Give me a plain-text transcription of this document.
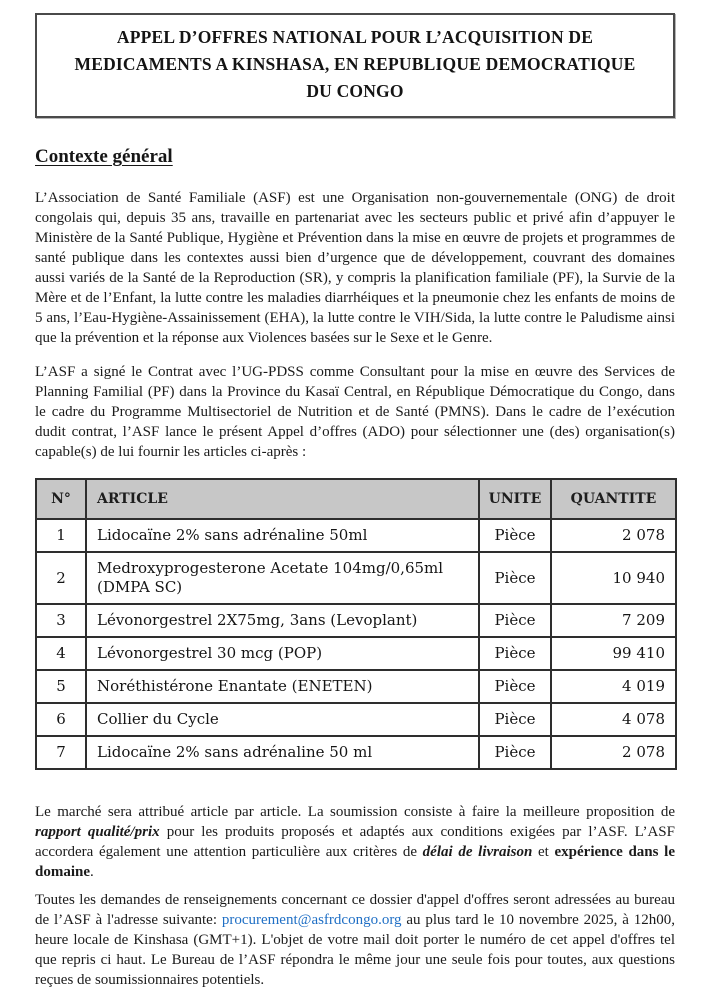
APPEL D’OFFRES NATIONAL POUR L’ACQUISITION DE
MEDICAMENTS A KINSHASA, EN REPUBLIQUE DEMOCRATIQUE
DU CONGO
Contexte général

L’Association de Santé Familiale (ASF) est une Organisation non-gouvernementale (ONG) de droit congolais qui, depuis 35 ans, travaille en partenariat avec les secteurs public et privé afin d’appuyer le Ministère de la Santé Publique, Hygiène et Prévention dans la mise en œuvre de projets et programmes de santé publique dans les contextes aussi bien d’urgence que de développement, couvrant des domaines aussi variés de la Santé de la Reproduction (SR), y compris la planification familiale (PF), la Survie de la Mère et de l’Enfant, la lutte contre les maladies diarrhéiques et la pneumonie chez les enfants de moins de 5 ans, l’Eau-Hygiène-Assainissement (EHA), la lutte contre le VIH/Sida, la lutte contre le Paludisme ainsi que la prévention et la réponse aux Violences basées sur le Sexe et le Genre.

L’ASF a signé le Contrat avec l’UG-PDSS comme Consultant pour la mise en œuvre des Services de Planning Familial (PF) dans la Province du Kasaï Central, en République Démocratique du Congo, dans le cadre du Programme Multisectoriel de Nutrition et de Santé (PMNS). Dans le cadre de l’exécution dudit contrat, l’ASF lance le présent Appel d’offres (ADO) pour sélectionner une (des) organisation(s) capable(s) de lui fournir les articles ci-après :

N°	ARTICLE	UNITE	QUANTITE
1	Lidocaïne 2% sans adrénaline 50ml	Pièce	2 078
2	Medroxyprogesterone Acetate 104mg/0,65ml (DMPA SC)	Pièce	10 940
3	Lévonorgestrel 2X75mg, 3ans (Levoplant)	Pièce	7 209
4	Lévonorgestrel 30 mcg (POP)	Pièce	99 410
5	Noréthistérone Enantate (ENETEN)	Pièce	4 019
6	Collier du Cycle	Pièce	4 078
7	Lidocaïne 2% sans adrénaline 50 ml	Pièce	2 078

Le marché sera attribué article par article. La soumission consiste à faire la meilleure proposition de rapport qualité/prix pour les produits proposés et adaptés aux conditions exigées par l’ASF. L’ASF accordera également une attention particulière aux critères de délai de livraison et expérience dans le domaine.

Toutes les demandes de renseignements concernant ce dossier d'appel d'offres seront adressées au bureau de l’ASF à l'adresse suivante: procurement@asfrdcongo.org au plus tard le 10 novembre 2025, à 12h00, heure locale de Kinshasa (GMT+1). L'objet de votre mail doit porter le numéro de cet appel d'offres tel que repris ci haut. Le Bureau de l’ASF répondra le même jour une seule fois pour toutes, aux questions reçues de soumissionnaires potentiels.
